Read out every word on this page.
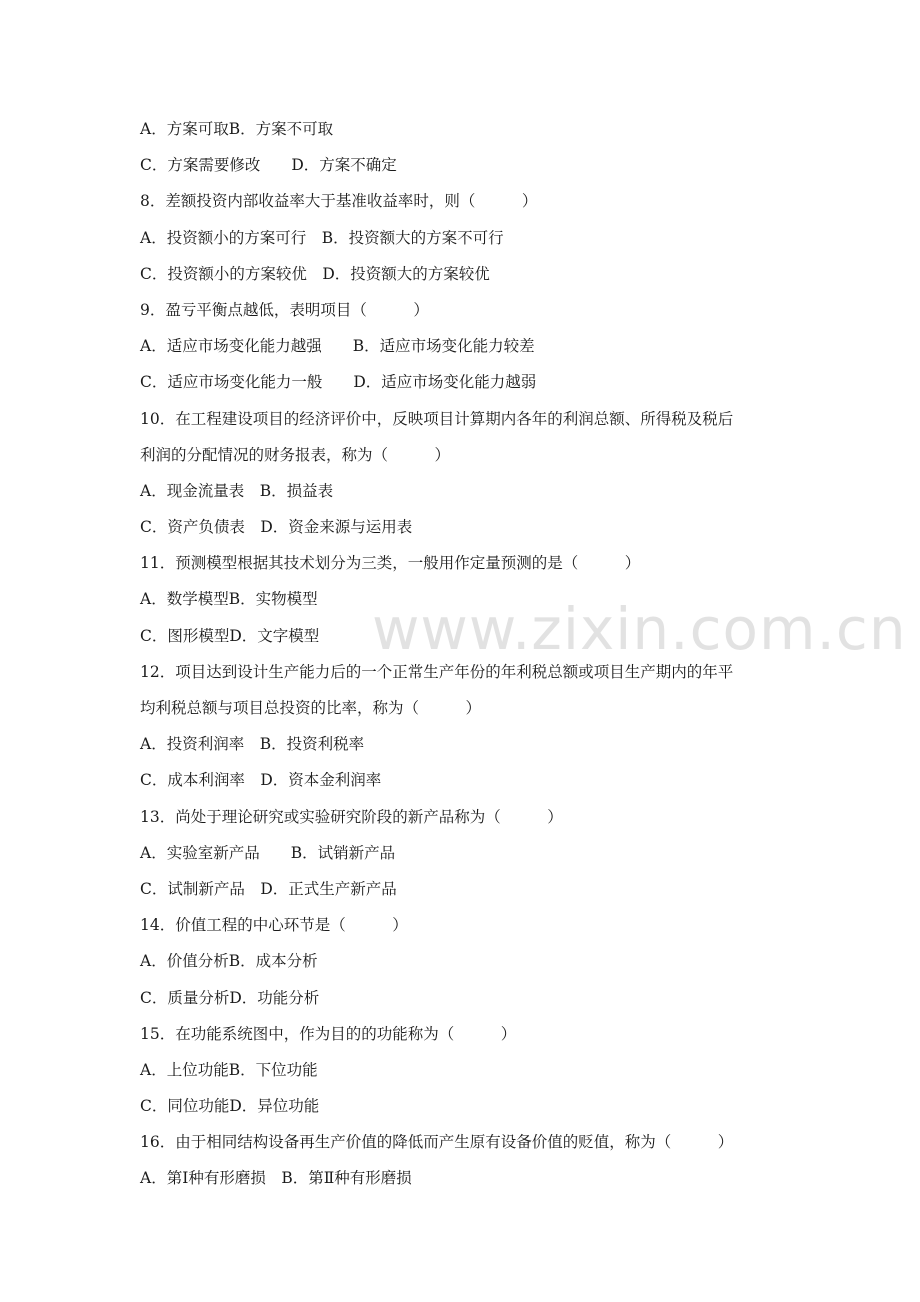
A．方案可取B．方案不可取
C．方案需要修改　　D．方案不确定
8．差额投资内部收益率大于基准收益率时，则（　　　）
A．投资额小的方案可行　B．投资额大的方案不可行
C．投资额小的方案较优　D．投资额大的方案较优
9．盈亏平衡点越低，表明项目（　　　）
A．适应市场变化能力越强　　B．适应市场变化能力较差
C．适应市场变化能力一般　　D．适应市场变化能力越弱
10．在工程建设项目的经济评价中，反映项目计算期内各年的利润总额、所得税及税后
利润的分配情况的财务报表，称为（　　　）
A．现金流量表　B．损益表
C．资产负债表　D．资金来源与运用表
11．预测模型根据其技术划分为三类，一般用作定量预测的是（　　　）
A．数学模型B．实物模型
C．图形模型D．文字模型
12．项目达到设计生产能力后的一个正常生产年份的年利税总额或项目生产期内的年平
均利税总额与项目总投资的比率，称为（　　　）
A．投资利润率　B．投资利税率
C．成本利润率　D．资本金利润率
13．尚处于理论研究或实验研究阶段的新产品称为（　　　）
A．实验室新产品　　B．试销新产品
C．试制新产品　D．正式生产新产品
14．价值工程的中心环节是（　　　）
A．价值分析B．成本分析
C．质量分析D．功能分析
15．在功能系统图中，作为目的的功能称为（　　　）
A．上位功能B．下位功能
C．同位功能D．异位功能
16．由于相同结构设备再生产价值的降低而产生原有设备价值的贬值，称为（　　　）
A．第Ⅰ种有形磨损　B．第Ⅱ种有形磨损
www.zixin.com.cn
